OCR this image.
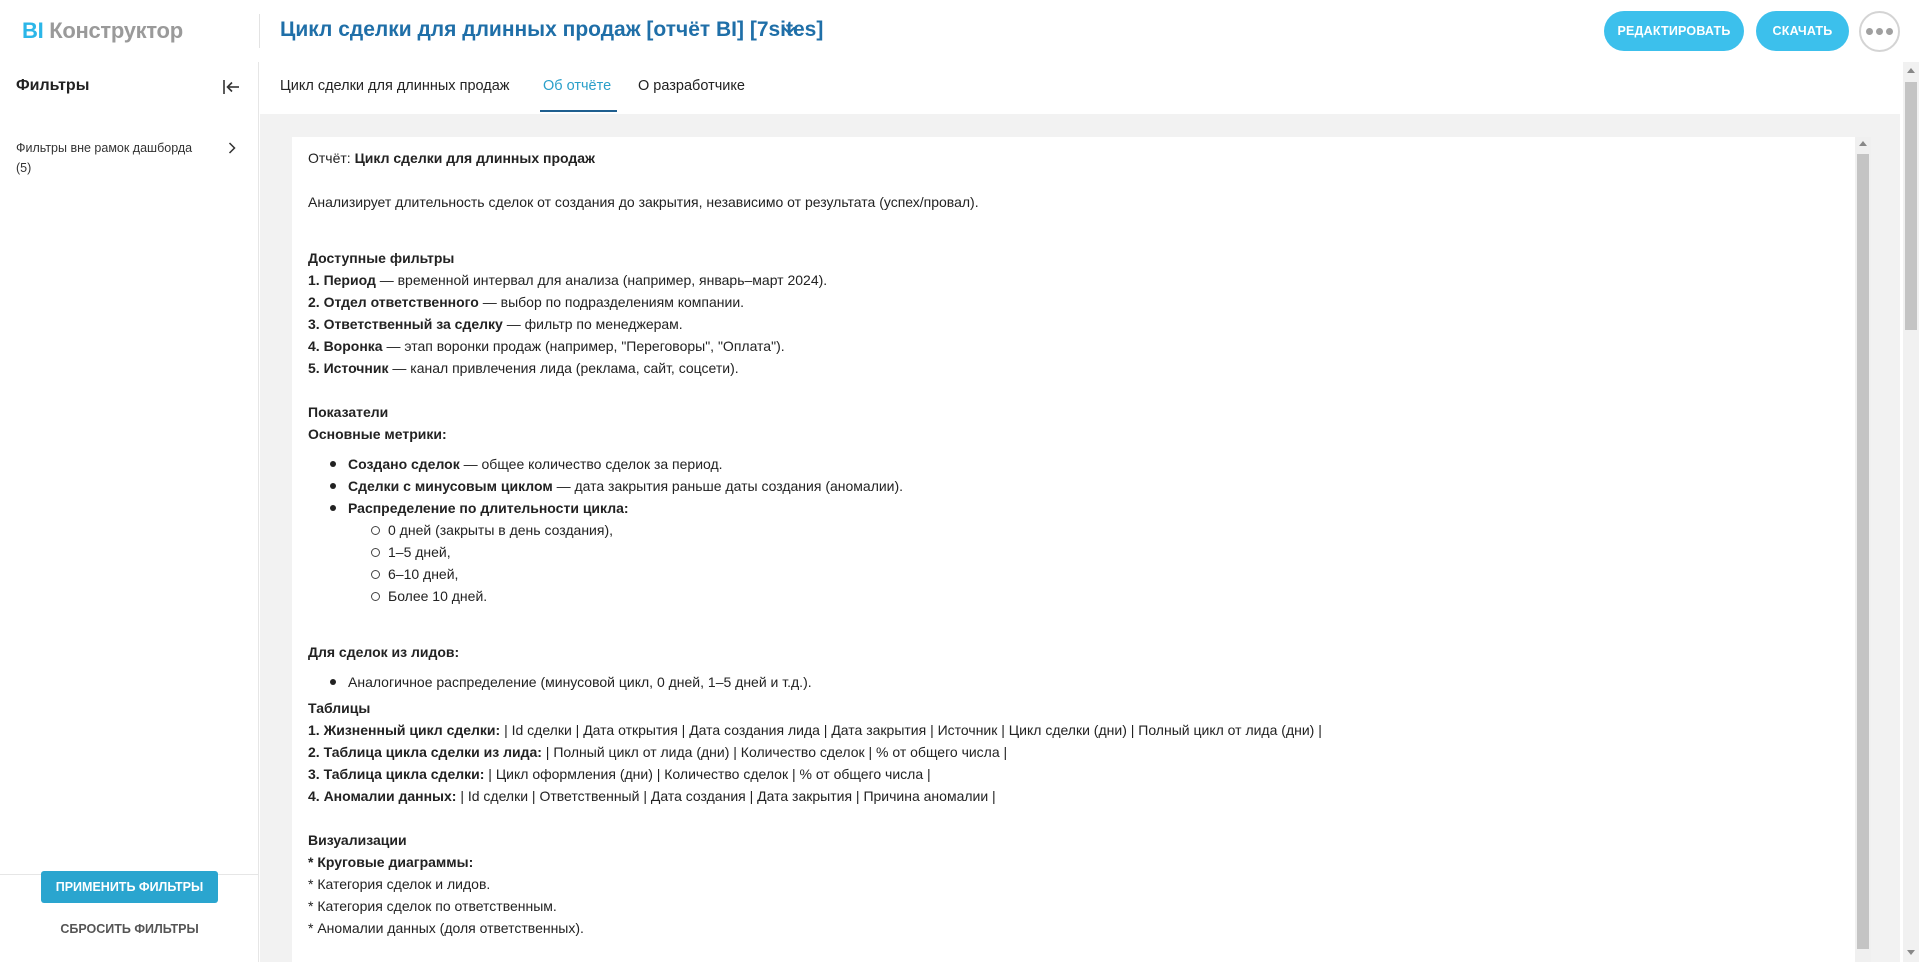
BI Конструктор	Цикл сделки для длинных продаж [отчёт BI] [7sites]	РЕДАКТИРОВАТЬ	СКАЧАТЬ
Фильтры
Фильтры вне рамок дашборда
(5)
ПРИМЕНИТЬ ФИЛЬТРЫ
СБРОСИТЬ ФИЛЬТРЫ
Цикл сделки для длинных продаж Об отчёте О разработчике
Отчёт: Цикл сделки для длинных продаж
Анализирует длительность сделок от создания до закрытия, независимо от результата (успех/провал).
Доступные фильтры
1. Период — временной интервал для анализа (например, январь–март 2024).
2. Отдел ответственного — выбор по подразделениям компании.
3. Ответственный за сделку — фильтр по менеджерам.
4. Воронка — этап воронки продаж (например, "Переговоры", "Оплата").
5. Источник — канал привлечения лида (реклама, сайт, соцсети).
Показатели
Основные метрики:
Создано сделок — общее количество сделок за период.
Сделки с минусовым циклом — дата закрытия раньше даты создания (аномалии).
Распределение по длительности цикла:
0 дней (закрыты в день создания),
1–5 дней,
6–10 дней,
Более 10 дней.
Для сделок из лидов:
Аналогичное распределение (минусовой цикл, 0 дней, 1–5 дней и т.д.).
Таблицы
1. Жизненный цикл сделки: | Id сделки | Дата открытия | Дата создания лида | Дата закрытия | Источник | Цикл сделки (дни) | Полный цикл от лида (дни) |
2. Таблица цикла сделки из лида: | Полный цикл от лида (дни) | Количество сделок | % от общего числа |
3. Таблица цикла сделки: | Цикл оформления (дни) | Количество сделок | % от общего числа |
4. Аномалии данных: | Id сделки | Ответственный | Дата создания | Дата закрытия | Причина аномалии |
Визуализации
* Круговые диаграммы:
* Категория сделок и лидов.
* Категория сделок по ответственным.
* Аномалии данных (доля ответственных).
